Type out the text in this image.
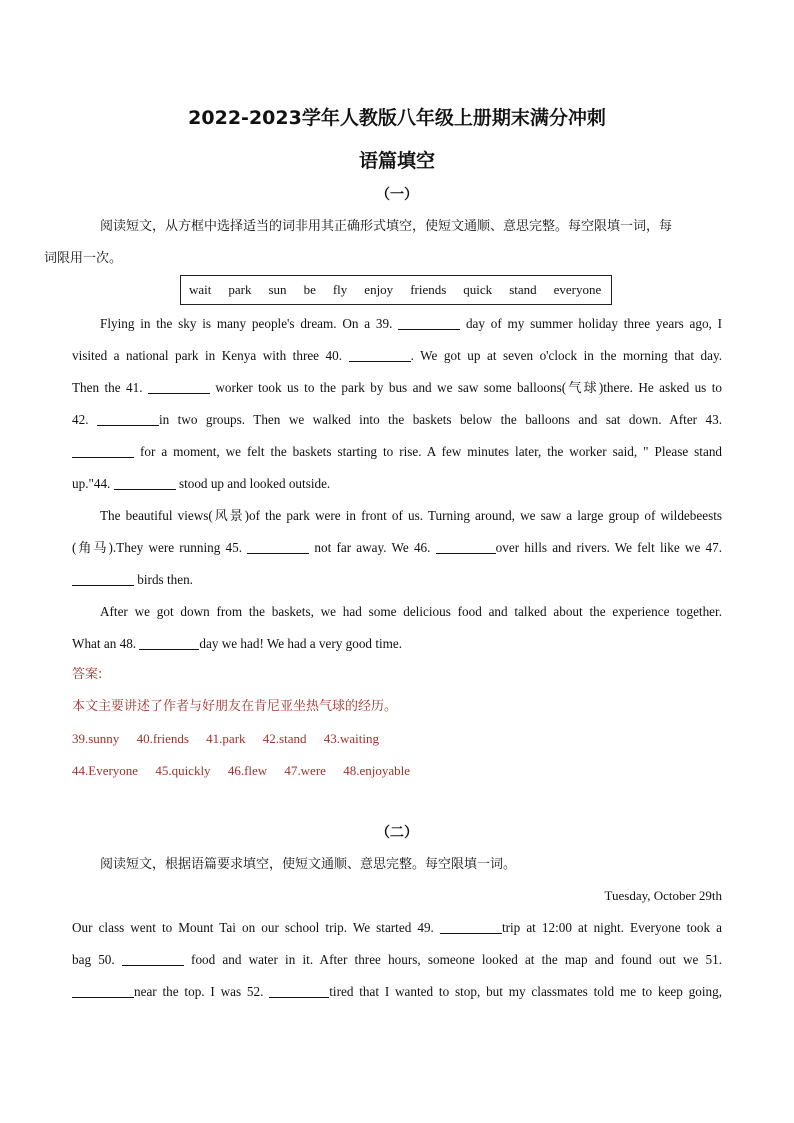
2022-2023学年人教版八年级上册期末满分冲刺
语篇填空
（一）
阅读短文，从方框中选择适当的词非用其正确形式填空，使短文通顺、意思完整。每空限填一词，每
词限用一次。
wait park sun be fly enjoy friends quick stand everyone
Flying in the sky is many people's dream. On a 39.	day of my summer holiday three years ago, I
visited a national park in Kenya with three 40.	. We got up at seven o'clock in the morning that day.
Then the 41.	worker took us to the park by bus and we saw some balloons(气球)there. He asked us to
42.	in two groups. Then we walked into the baskets below the balloons and sat down. After 43.
for a moment, we felt the baskets starting to rise. A few minutes later, the worker said, " Please stand
up."44.	stood up and looked outside.
The beautiful views(风景)of the park were in front of us. Turning around, we saw a large group of wildebeests
(角马).They were running 45.	not far away. We 46.	over hills and rivers. We felt like we 47.
birds then.
After we got down from the baskets, we had some delicious food and talked about the experience together.
What an 48.	day we had! We had a very good time.
答案:
本文主要讲述了作者与好朋友在肯尼亚坐热气球的经历。
39.sunny 40.friends 41.park 42.stand 43.waiting
44.Everyone 45.quickly 46.flew 47.were 48.enjoyable
（二）
阅读短文，根据语篇要求填空，使短文通顺、意思完整。每空限填一词。
Tuesday, October 29th
Our class went to Mount Tai on our school trip. We started 49.	trip at 12:00 at night. Everyone took a
bag 50.	food and water in it. After three hours, someone looked at the map and found out we 51.
near the top. I was 52.	tired that I wanted to stop, but my classmates told me to keep going,
